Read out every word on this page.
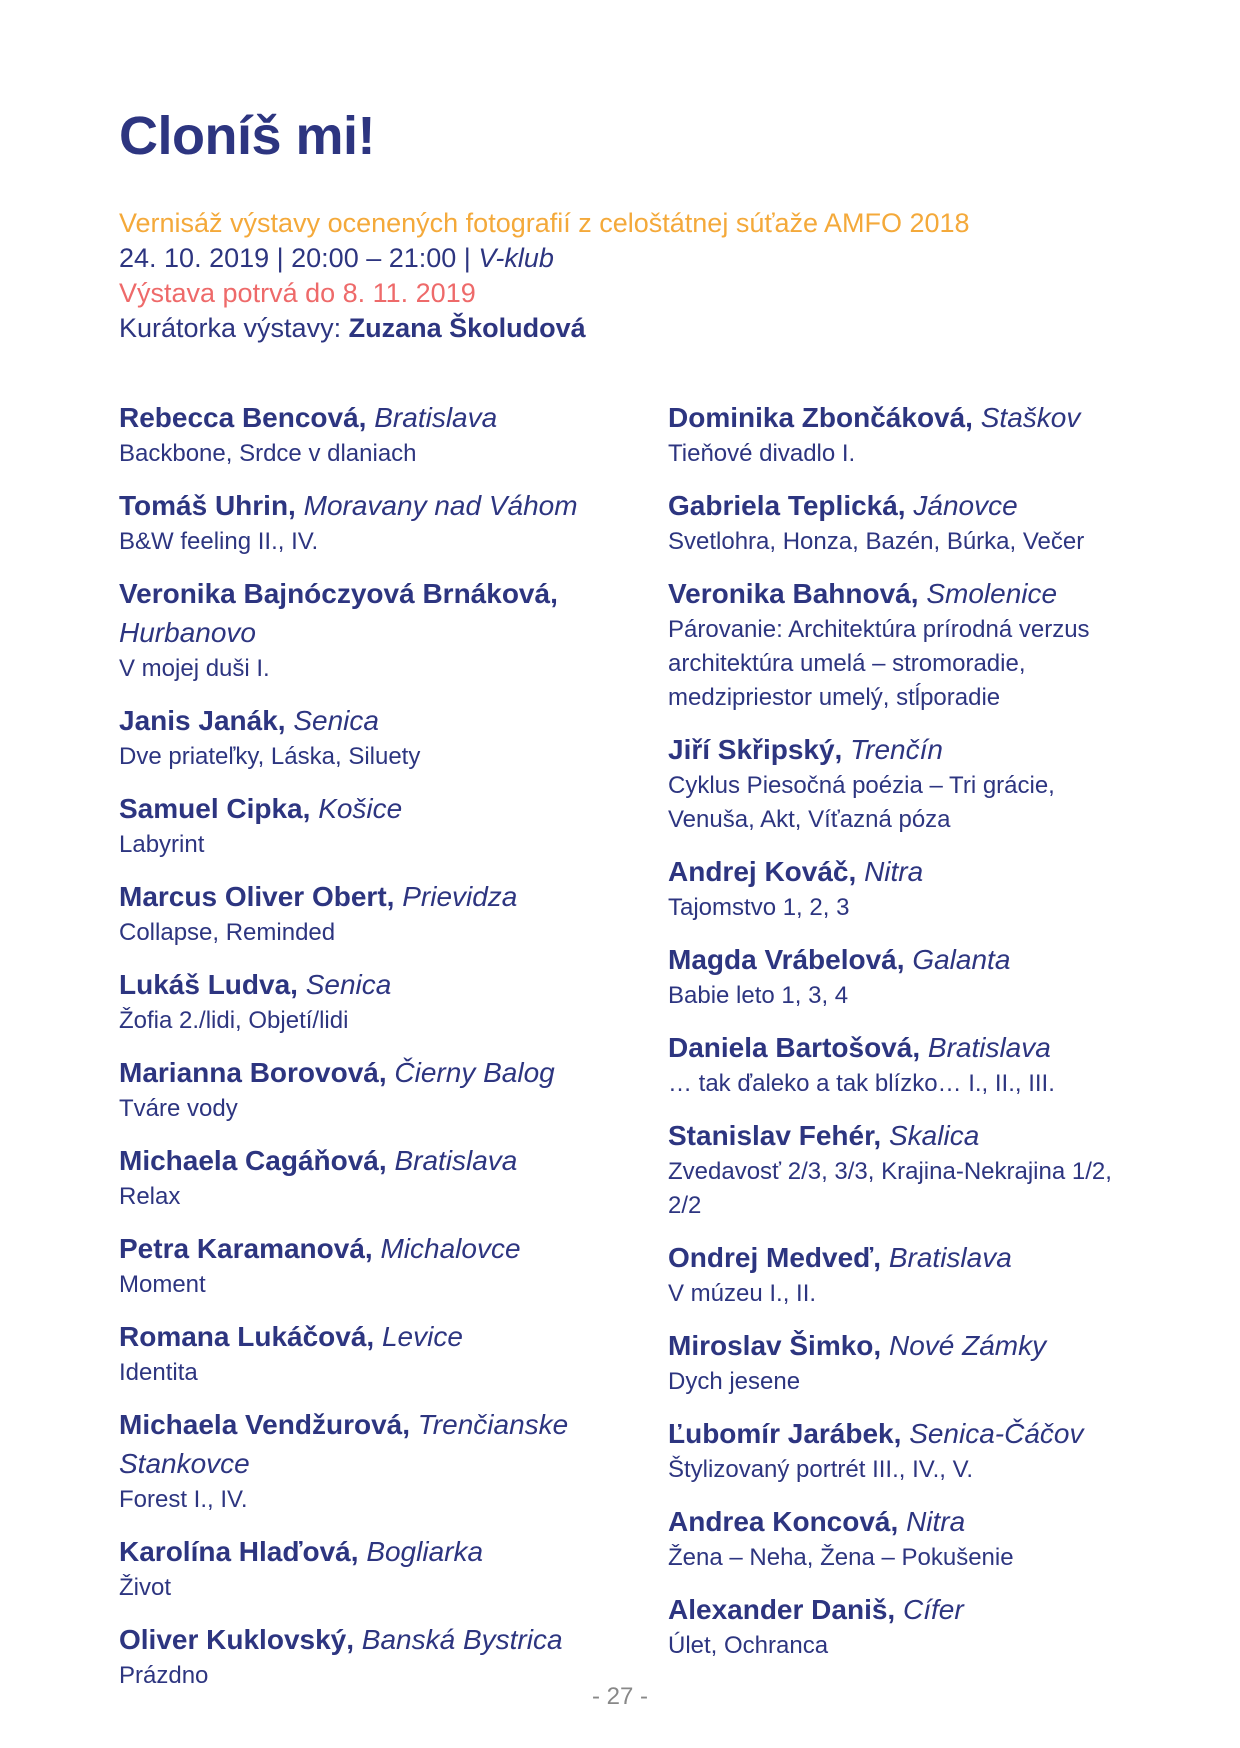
Cloníš mi!
Vernisáž výstavy ocenených fotografií z celoštátnej súťaže AMFO 2018
24. 10. 2019 | 20:00 – 21:00 | V-klub
Výstava potrvá do 8. 11. 2019
Kurátorka výstavy: Zuzana Školudová
Rebecca Bencová, Bratislava
Backbone, Srdce v dlaniach
Tomáš Uhrin, Moravany nad Váhom
B&W feeling II., IV.
Veronika Bajnóczyová Brnáková, Hurbanovo
V mojej duši I.
Janis Janák, Senica
Dve priateľky, Láska, Siluety
Samuel Cipka, Košice
Labyrint
Marcus Oliver Obert, Prievidza
Collapse, Reminded
Lukáš Ludva, Senica
Žofia 2./lidi, Objetí/lidi
Marianna Borovová, Čierny Balog
Tváre vody
Michaela Cagáňová, Bratislava
Relax
Petra Karamanová, Michalovce
Moment
Romana Lukáčová, Levice
Identita
Michaela Vendžurová, Trenčianske Stankovce
Forest I., IV.
Karolína Hlaďová, Bogliarka
Život
Oliver Kuklovský, Banská Bystrica
Prázdno
Dominika Zbončáková, Staškov
Tieňové divadlo I.
Gabriela Teplická, Jánovce
Svetlohra, Honza, Bazén, Búrka, Večer
Veronika Bahnová, Smolenice
Párovanie: Architektúra prírodná verzus architektúra umelá – stromoradie, medzipriestor umelý, stĺporadie
Jiří Skřipský, Trenčín
Cyklus Piesočná poézia – Tri grácie, Venuša, Akt, Víťazná póza
Andrej Kováč, Nitra
Tajomstvo 1, 2, 3
Magda Vrábelová, Galanta
Babie leto 1, 3, 4
Daniela Bartošová, Bratislava
… tak ďaleko a tak blízko… I., II., III.
Stanislav Fehér, Skalica
Zvedavosť 2/3, 3/3, Krajina-Nekrajina 1/2, 2/2
Ondrej Medveď, Bratislava
V múzeu I., II.
Miroslav Šimko, Nové Zámky
Dych jesene
Ľubomír Jarábek, Senica-Čáčov
Štylizovaný portrét III., IV., V.
Andrea Koncová, Nitra
Žena – Neha, Žena – Pokušenie
Alexander Daniš, Cífer
Úlet, Ochranca
- 27 -
